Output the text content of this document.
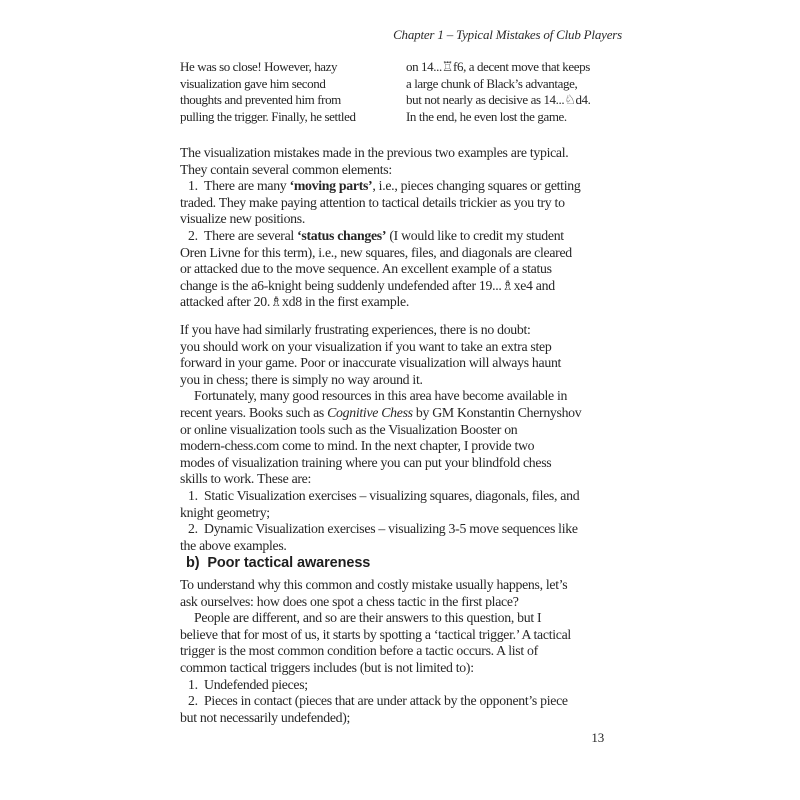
Chapter 1 – Typical Mistakes of Club Players
He was so close! However, hazy
visualization gave him second
thoughts and prevented him from
pulling the trigger. Finally, he settled
on 14...♖f6, a decent move that keeps
a large chunk of Black’s advantage,
but not nearly as decisive as 14...♘d4.
In the end, he even lost the game.
The visualization mistakes made in the previous two examples are typical.
They contain several common elements:
1.  There are many ‘moving parts’, i.e., pieces changing squares or getting
traded. They make paying attention to tactical details trickier as you try to
visualize new positions.
2.  There are several ‘status changes’ (I would like to credit my student
Oren Livne for this term), i.e., new squares, files, and diagonals are cleared
or attacked due to the move sequence. An excellent example of a status
change is the a6-knight being suddenly undefended after 19...♗xe4 and
attacked after 20.♗xd8 in the first example.
If you have had similarly frustrating experiences, there is no doubt:
you should work on your visualization if you want to take an extra step
forward in your game. Poor or inaccurate visualization will always haunt
you in chess; there is simply no way around it.
Fortunately, many good resources in this area have become available in
recent years. Books such as Cognitive Chess by GM Konstantin Chernyshov
or online visualization tools such as the Visualization Booster on
modern-chess.com come to mind. In the next chapter, I provide two
modes of visualization training where you can put your blindfold chess
skills to work. These are:
1.  Static Visualization exercises – visualizing squares, diagonals, files, and
knight geometry;
2.  Dynamic Visualization exercises – visualizing 3-5 move sequences like
the above examples.
b)  Poor tactical awareness
To understand why this common and costly mistake usually happens, let’s
ask ourselves: how does one spot a chess tactic in the first place?
People are different, and so are their answers to this question, but I
believe that for most of us, it starts by spotting a ‘tactical trigger.’ A tactical
trigger is the most common condition before a tactic occurs. A list of
common tactical triggers includes (but is not limited to):
1.  Undefended pieces;
2.  Pieces in contact (pieces that are under attack by the opponent’s piece
but not necessarily undefended);
13
